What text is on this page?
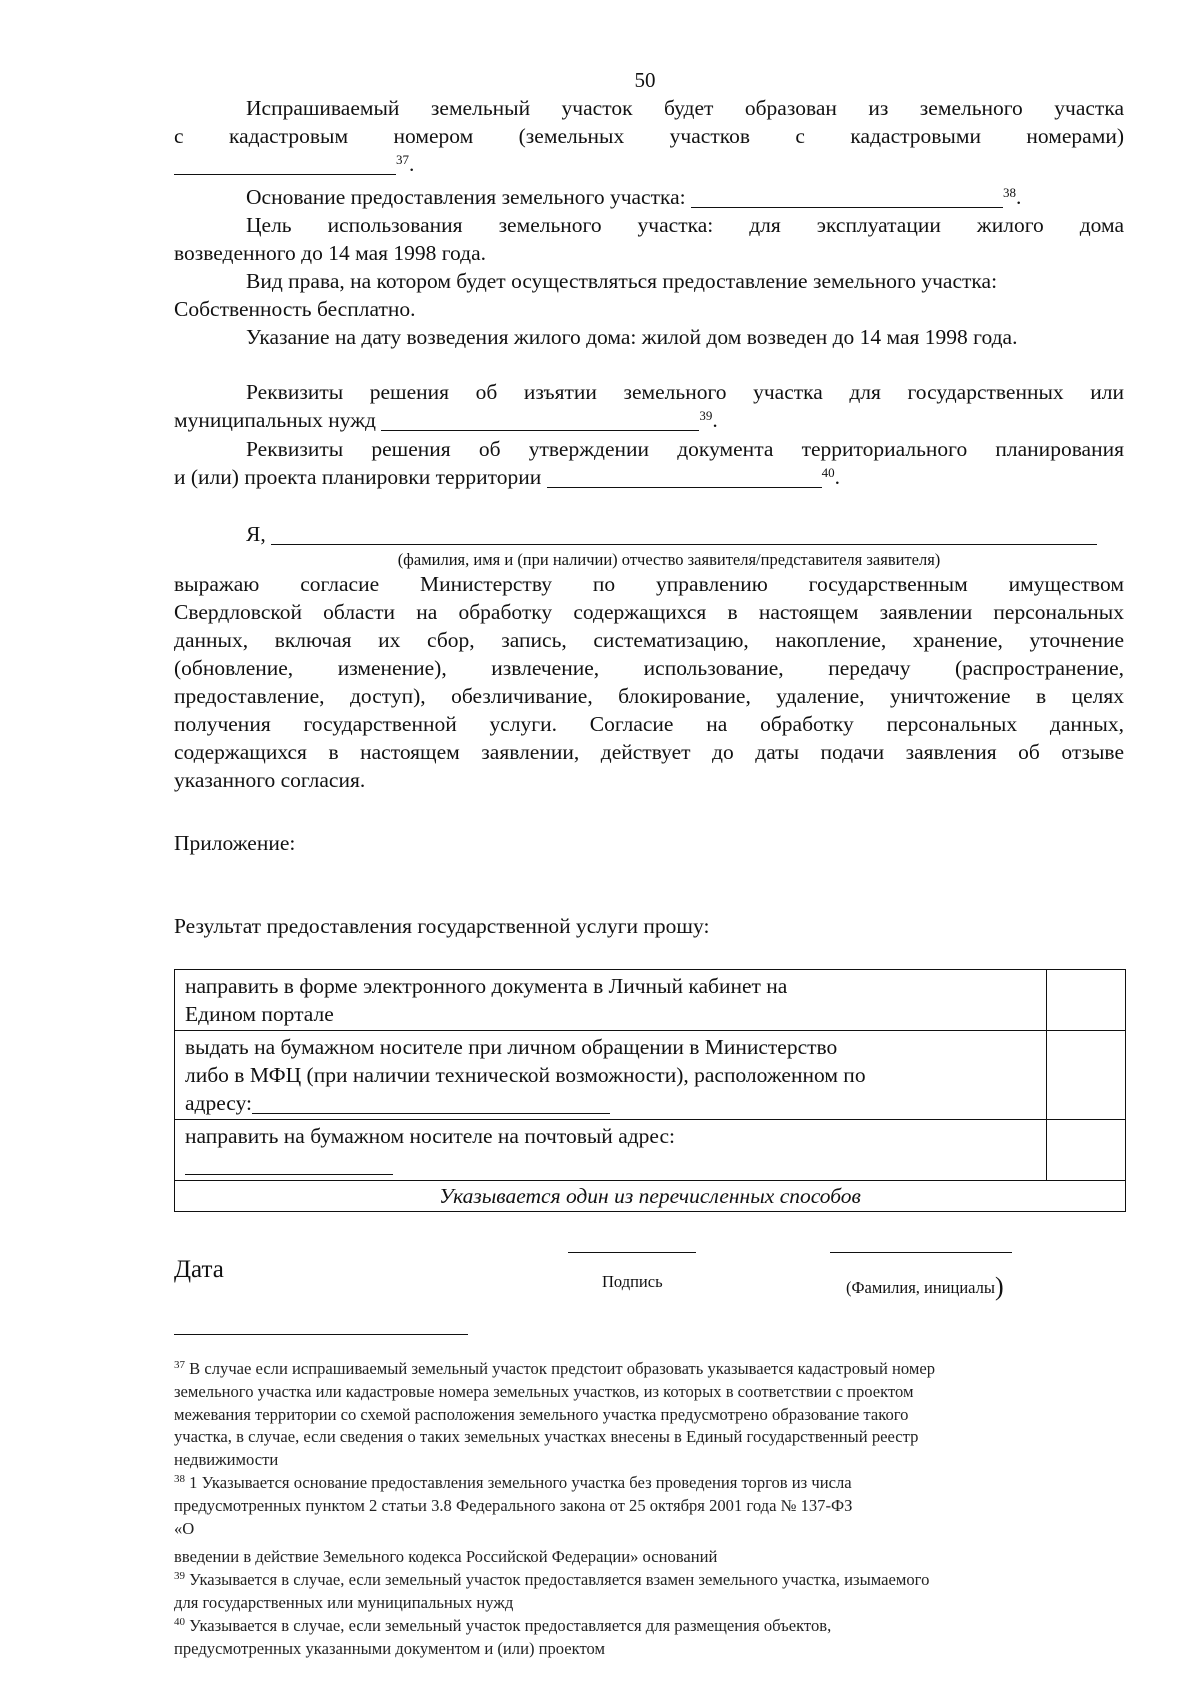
50

Испрашиваемый земельный участок будет образован из земельного участка

с кадастровым номером (земельных участков с кадастровыми номерами)

$^{37}$.

Основание предоставления земельного участка:	$^{38}$.

Цель использования земельного участка: для эксплуатации жилого дома

возведенного до 14 мая 1998 года.

Вид права, на котором будет осуществляться предоставление земельного участка:

Собственность бесплатно.

Указание на дату возведения жилого дома: жилой дом возведен до 14 мая 1998 года.

Реквизиты решения об изъятии земельного участка для государственных или

муниципальных нужд	$^{39}$.

Реквизиты решения об утверждении документа территориального планирования

и (или) проекта планировки территории	$^{40}$.

Я,

(фамилия, имя и (при наличии) отчество заявителя/представителя заявителя)

выражаю согласие Министерству по управлению государственным имуществом

Свердловской области на обработку содержащихся в настоящем заявлении персональных

данных, включая их сбор, запись, систематизацию, накопление, хранение, уточнение

(обновление, изменение), извлечение, использование, передачу (распространение,

предоставление, доступ), обезличивание, блокирование, удаление, уничтожение в целях

получения государственной услуги. Согласие на обработку персональных данных,

содержащихся в настоящем заявлении, действует до даты подачи заявления об отзыве

указанного согласия.

Приложение:

Результат предоставления государственной услуги прошу:

направить в форме электронного документа в Личный кабинет на
Едином портале	

выдать на бумажном носителе при личном обращении в Министерство
либо в МФЦ (при наличии технической возможности), расположенном по
адресу:	

направить на бумажном носителе на почтовый адрес:	

Указывается один из перечисленных способов	
Дата	Подпись	(Фамилия, инициалы)

$^{37}$ В случае если испрашиваемый земельный участок предстоит образовать указывается кадастровый номер

земельного участка или кадастровые номера земельных участков, из которых в соответствии с проектом

межевания территории со схемой расположения земельного участка предусмотрено образование такого

участка, в случае, если сведения о таких земельных участках внесены в Единый государственный реестр

недвижимости

$^{38}$ 1 Указывается основание предоставления земельного участка без проведения торгов из числа

предусмотренных пунктом 2 статьи 3.8 Федерального закона от 25 октября 2001 года № 137-ФЗ

«О

введении в действие Земельного кодекса Российской Федерации» оснований

$^{39}$ Указывается в случае, если земельный участок предоставляется взамен земельного участка, изымаемого

для государственных или муниципальных нужд

$^{40}$ Указывается в случае, если земельный участок предоставляется для размещения объектов,

предусмотренных указанными документом и (или) проектом
